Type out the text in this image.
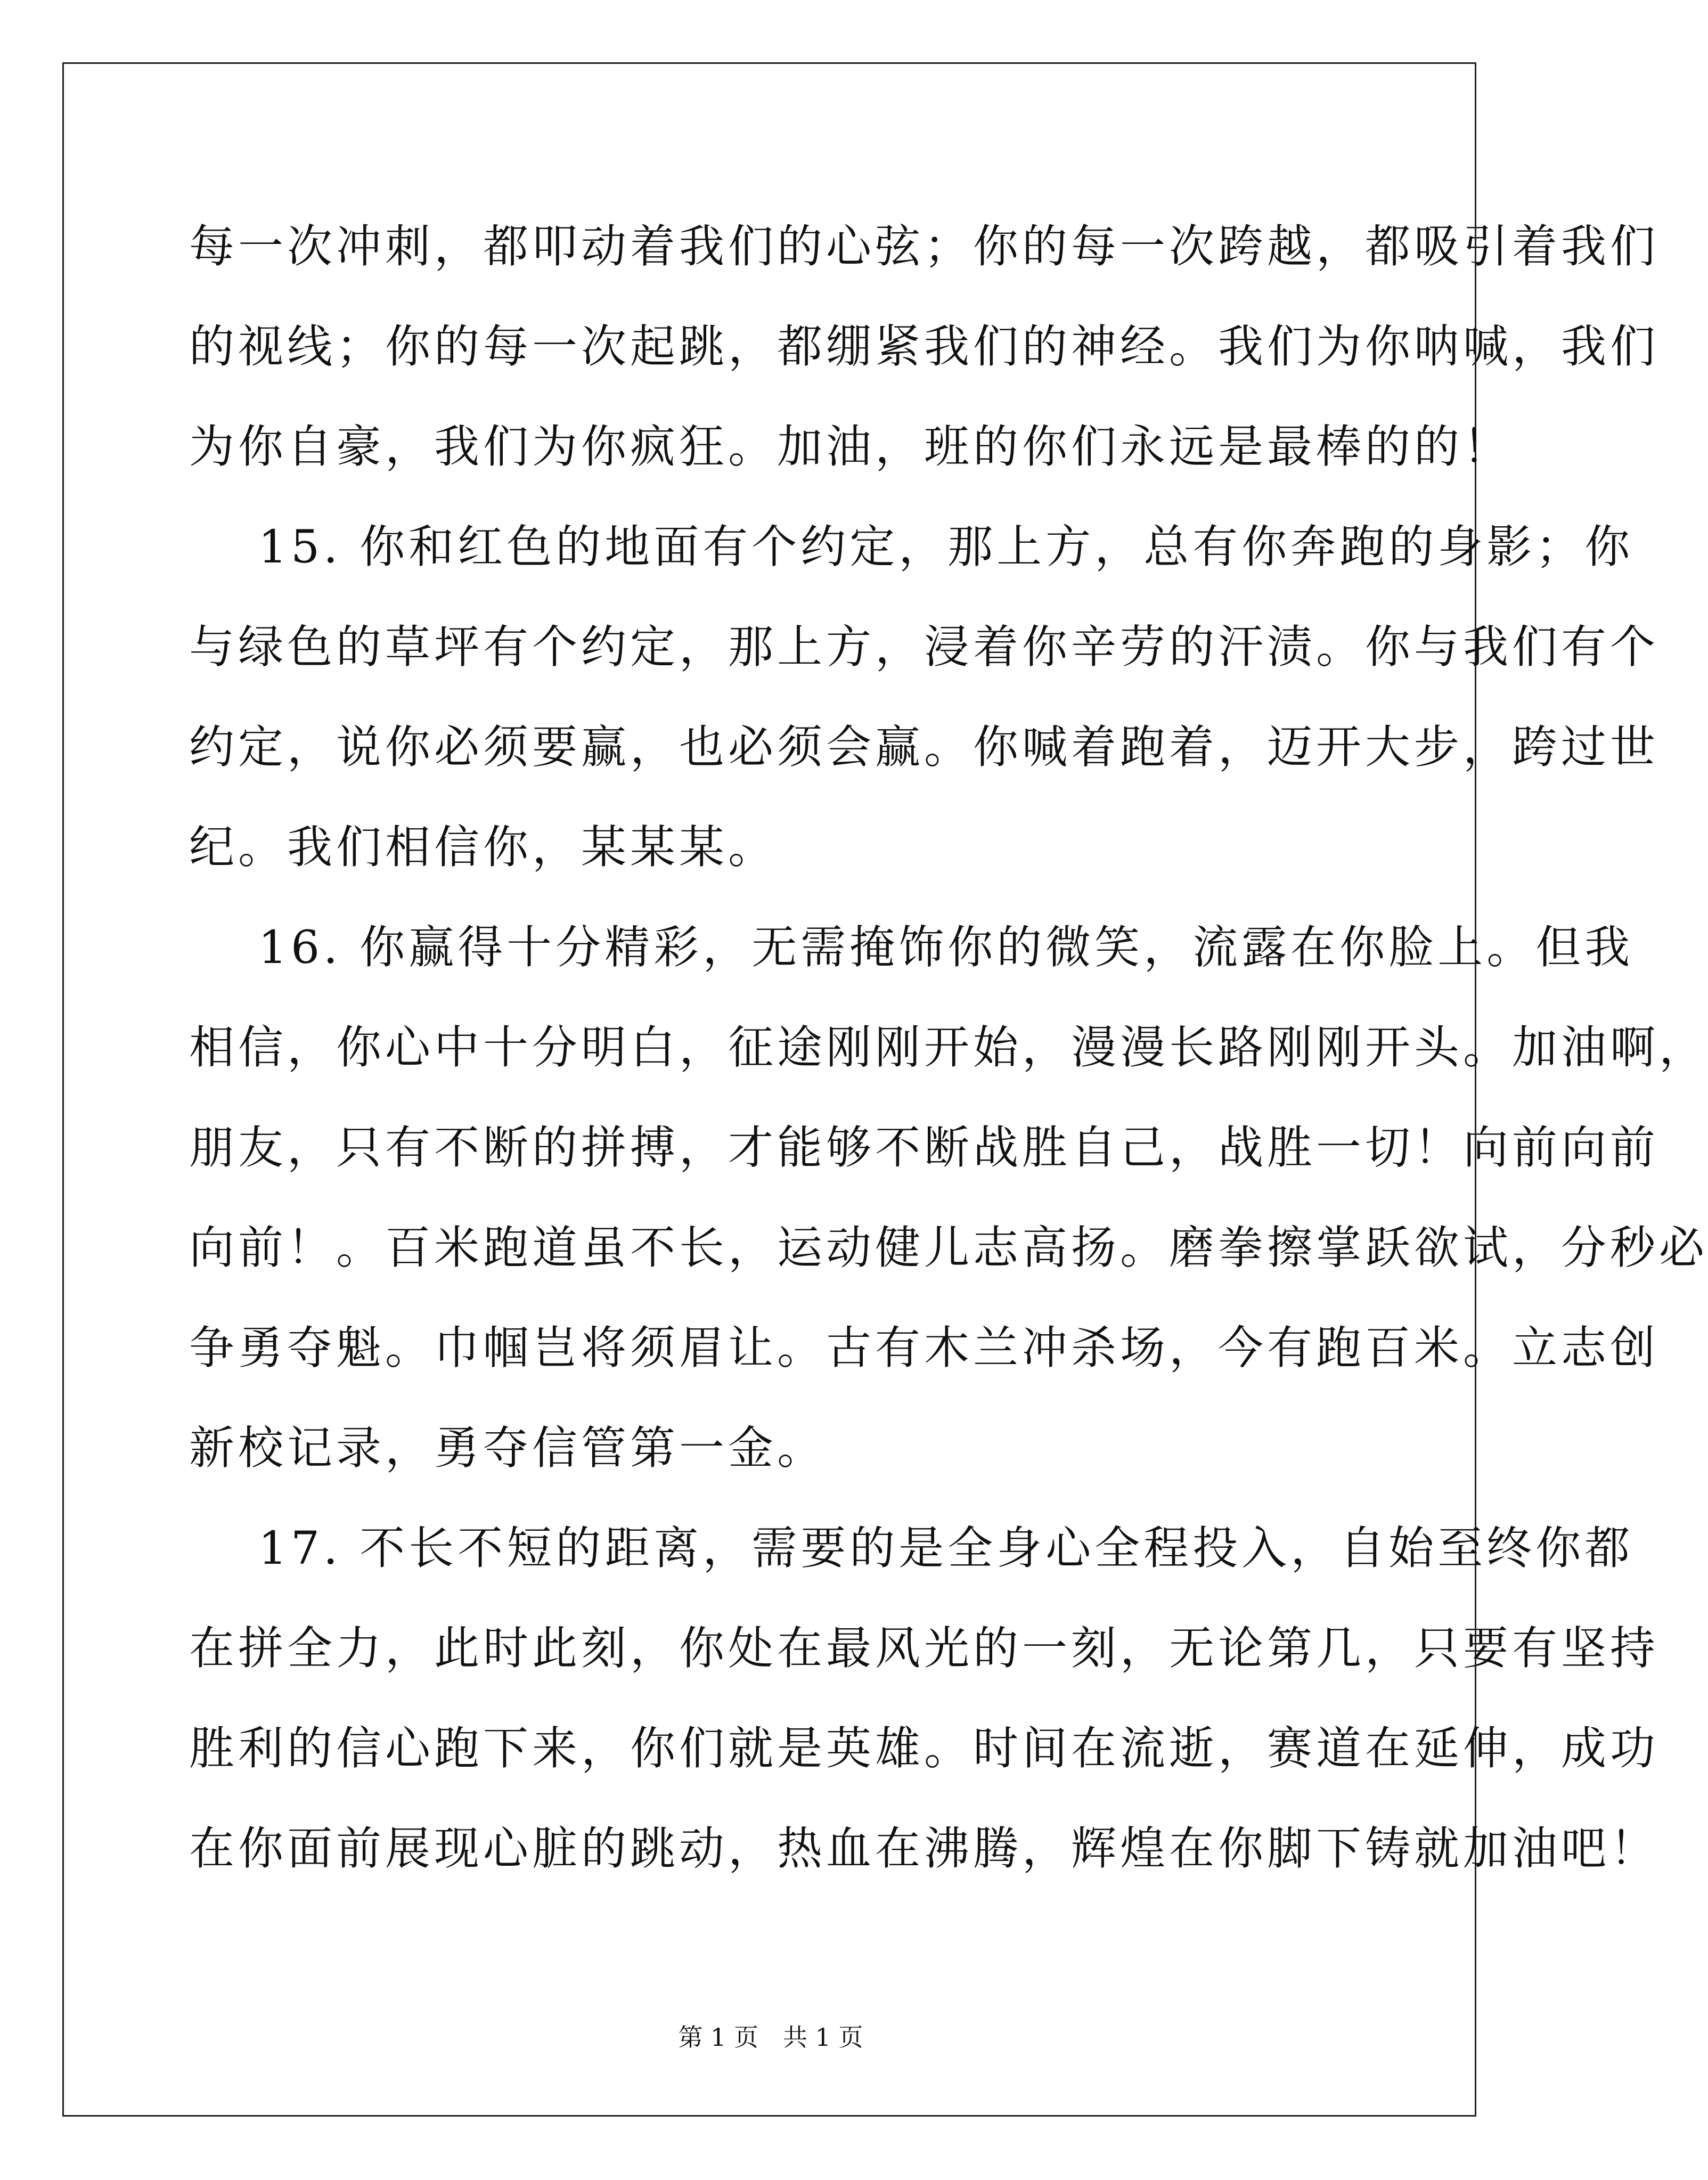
每一次冲刺，都叩动着我们的心弦；你的每一次跨越，都吸引着我们
的视线；你的每一次起跳，都绷紧我们的神经。我们为你呐喊，我们
为你自豪，我们为你疯狂。加油，班的你们永远是最棒的的！
15. 你和红色的地面有个约定，那上方，总有你奔跑的身影；你
与绿色的草坪有个约定，那上方，浸着你辛劳的汗渍。你与我们有个
约定，说你必须要赢，也必须会赢。你喊着跑着，迈开大步，跨过世
纪。我们相信你，某某某。
16. 你赢得十分精彩，无需掩饰你的微笑，流露在你脸上。但我
相信，你心中十分明白，征途刚刚开始，漫漫长路刚刚开头。加油啊，
朋友，只有不断的拼搏，才能够不断战胜自己，战胜一切！向前向前
向前！。百米跑道虽不长，运动健儿志高扬。磨拳擦掌跃欲试，分秒必
争勇夺魁。巾帼岂将须眉让。古有木兰冲杀场，今有跑百米。立志创
新校记录，勇夺信管第一金。
17. 不长不短的距离，需要的是全身心全程投入，自始至终你都
在拼全力，此时此刻，你处在最风光的一刻，无论第几，只要有坚持
胜利的信心跑下来，你们就是英雄。时间在流逝，赛道在延伸，成功
在你面前展现心脏的跳动，热血在沸腾，辉煌在你脚下铸就加油吧！
第 1 页　共 1 页
